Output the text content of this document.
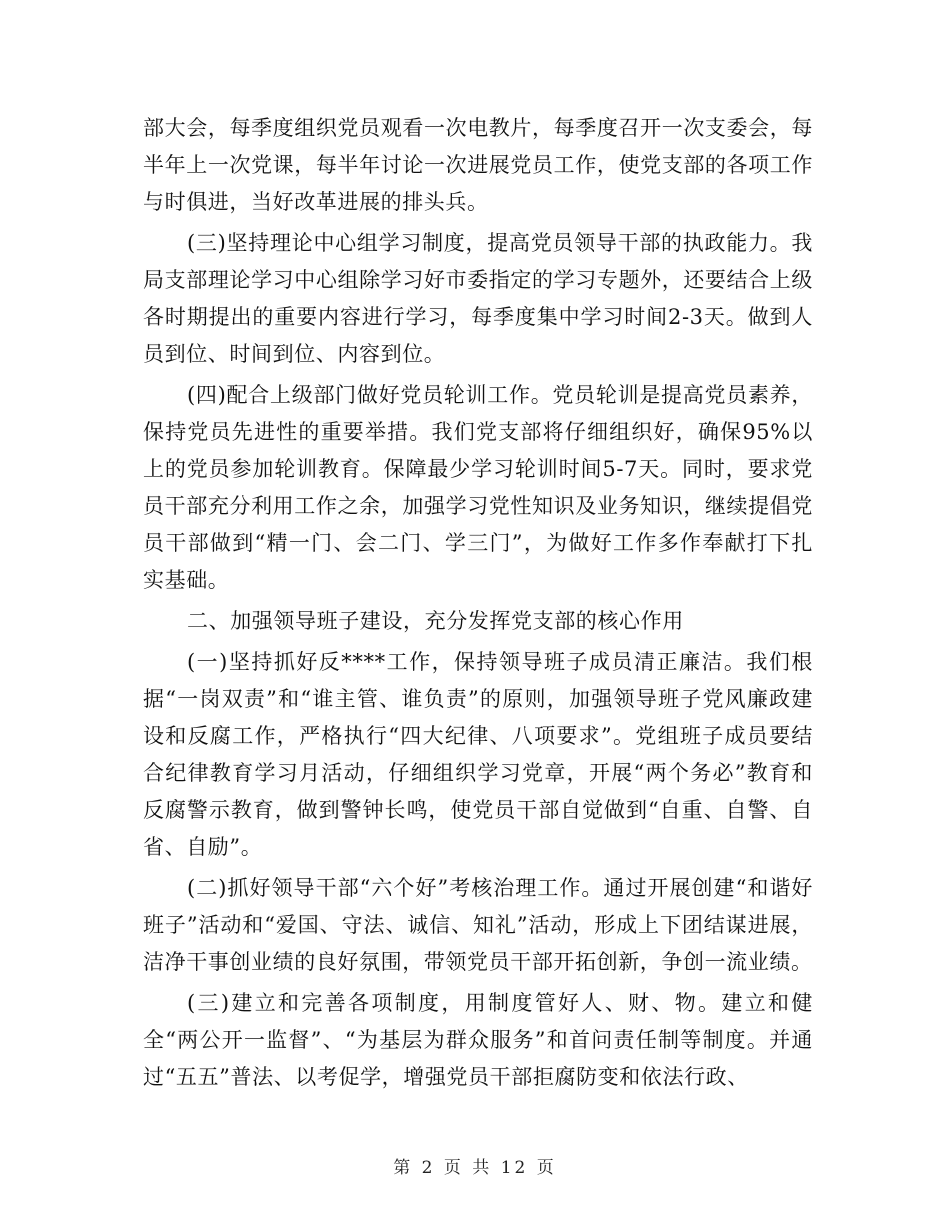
部大会，每季度组织党员观看一次电教片，每季度召开一次支委会，每半年上一次党课，每半年讨论一次进展党员工作，使党支部的各项工作与时俱进，当好改革进展的排头兵。

(三)坚持理论中心组学习制度，提高党员领导干部的执政能力。我局支部理论学习中心组除学习好市委指定的学习专题外，还要结合上级各时期提出的重要内容进行学习，每季度集中学习时间2-3天。做到人员到位、时间到位、内容到位。

(四)配合上级部门做好党员轮训工作。党员轮训是提高党员素养，保持党员先进性的重要举措。我们党支部将仔细组织好，确保95%以上的党员参加轮训教育。保障最少学习轮训时间5-7天。同时，要求党员干部充分利用工作之余，加强学习党性知识及业务知识，继续提倡党员干部做到“精一门、会二门、学三门”，为做好工作多作奉献打下扎实基础。

二、加强领导班子建设，充分发挥党支部的核心作用

(一)坚持抓好反****工作，保持领导班子成员清正廉洁。我们根据“一岗双责”和“谁主管、谁负责”的原则，加强领导班子党风廉政建设和反腐工作，严格执行“四大纪律、八项要求”。党组班子成员要结合纪律教育学习月活动，仔细组织学习党章，开展“两个务必”教育和反腐警示教育，做到警钟长鸣，使党员干部自觉做到“自重、自警、自省、自励”。

(二)抓好领导干部“六个好”考核治理工作。通过开展创建“和谐好班子”活动和“爱国、守法、诚信、知礼”活动，形成上下团结谋进展，洁净干事创业绩的良好氛围，带领党员干部开拓创新，争创一流业绩。

(三)建立和完善各项制度，用制度管好人、财、物。建立和健全“两公开一监督”、“为基层为群众服务”和首问责任制等制度。并通过“五五”普法、以考促学，增强党员干部拒腐防变和依法行政、

第 2 页 共 12 页
